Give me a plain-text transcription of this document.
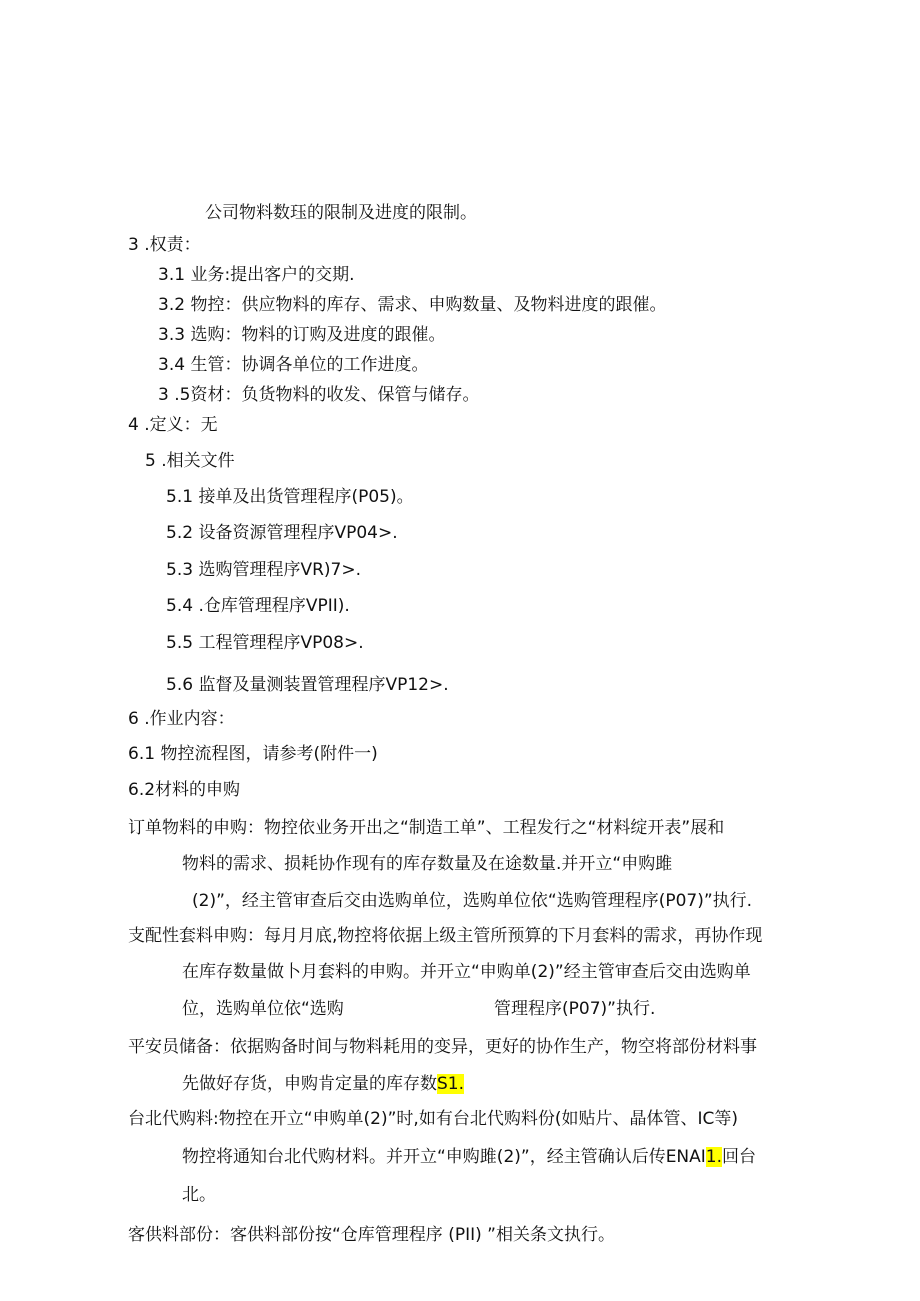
公司物料数珏的限制及进度的限制。
3 .权责：
3.1 业务:提出客户的交期.
3.2 物控：供应物料的库存、需求、申购数量、及物料进度的跟催。
3.3 选购：物料的订购及进度的跟催。
3.4 生管：协调各单位的工作进度。
3 .5资材：负货物料的收发、保管与储存。
4 .定义：无
5 .相关文件
5.1 接单及出货管理程序(P05)。
5.2 设备资源管理程序VP04>.
5.3 选购管理程序VR)7>.
5.4 .仓库管理程序VPII).
5.5 工程管理程序VP08>.
5.6 监督及量测装置管理程序VP12>.
6 .作业内容：
6.1 物控流程图，请参考(附件一)
6.2材料的申购
订单物料的申购：物控依业务开出之“制造工单”、工程发行之“材料绽开表”展和
物料的需求、损耗协作现有的库存数量及在途数量.并开立“申购雎
(2)”，经主管审查后交由选购单位，选购单位依“选购管理程序(P07)”执行.
支配性套料申购：每月月底,物控将依据上级主管所预算的下月套料的需求，再协作现
在库存数量做卜月套料的申购。并开立“申购单(2)”经主管审查后交由选购单
位，选购单位依“选购	管理程序(P07)”执行.
平安员储备：依据购备时间与物料耗用的变异，更好的协作生产，物空将部份材料事
先做好存货，申购肯定量的库存数S1.
台北代购料:物控在开立“申购单(2)”时,如有台北代购料份(如贴片、晶体管、IC等)
物控将通知台北代购材料。并开立“申购雎(2)”，经主管确认后传ENAI1.回台
北。
客供料部份：客供料部份按“仓库管理程序 (PII) ”相关条文执行。
